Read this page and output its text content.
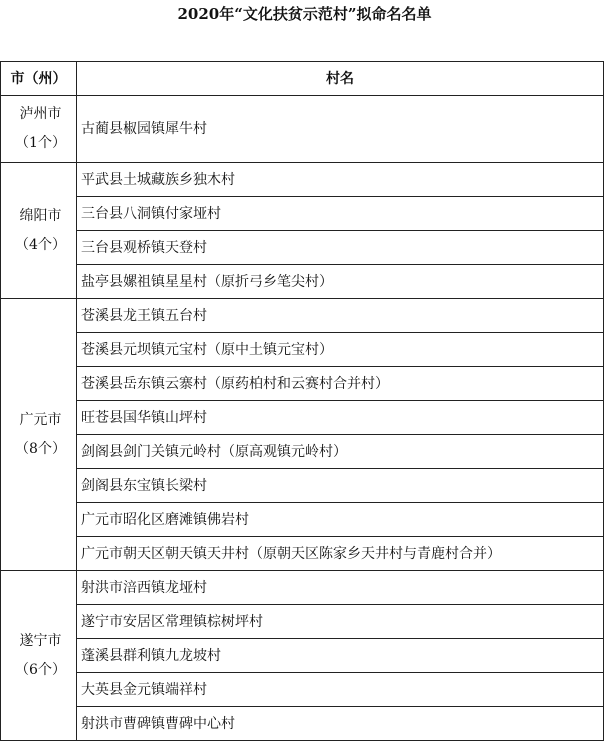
2020年“文化扶贫示范村”拟命名名单
市（州）	村名

泸州市
（1个）	古蔺县椒园镇犀牛村

绵阳市
（4个）	平武县土城藏族乡独木村
	三台县八洞镇付家垭村
	三台县观桥镇天登村
	盐亭县嫘祖镇星星村（原折弓乡笔尖村）

广元市
（8个）	苍溪县龙王镇五台村
	苍溪县元坝镇元宝村（原中土镇元宝村）
	苍溪县岳东镇云寨村（原药柏村和云赛村合并村）
	旺苍县国华镇山坪村
	剑阁县剑门关镇元岭村（原高观镇元岭村）
	剑阁县东宝镇长梁村
	广元市昭化区磨滩镇佛岩村
	广元市朝天区朝天镇天井村（原朝天区陈家乡天井村与青鹿村合并）

遂宁市
（6个）	射洪市涪西镇龙垭村
	遂宁市安居区常理镇棕树坪村
	蓬溪县群利镇九龙坡村
	大英县金元镇端祥村
	射洪市曹碑镇曹碑中心村
